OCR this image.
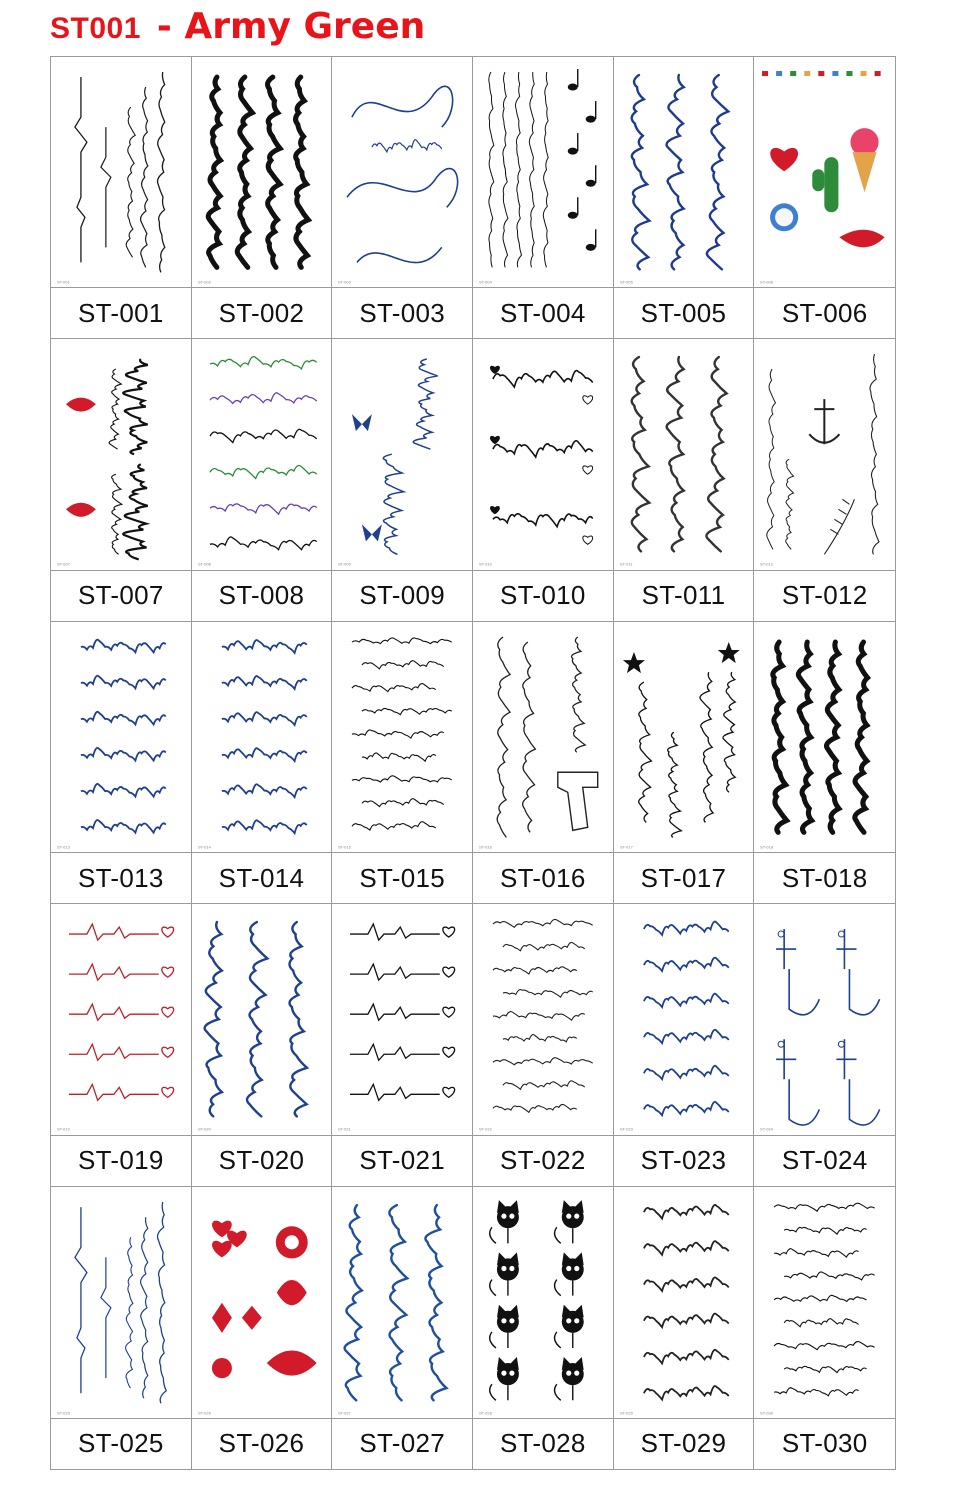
ST001 - Army Green
ST-001
ST-001
ST-002
ST-002
ST-003
ST-003
ST-004
ST-004
ST-005
ST-005
ST-006
ST-006
ST-007
ST-007
ST-008
ST-008
ST-009
ST-009
ST-010
ST-010
ST-011
ST-011
ST-012
ST-012
ST-013
ST-013
ST-014
ST-014
ST-015
ST-015
ST-016
ST-016
ST-017
ST-017
ST-018
ST-018
ST-019
ST-019
ST-020
ST-020
ST-021
ST-021
ST-022
ST-022
ST-023
ST-023
ST-024
ST-024
ST-025
ST-025
ST-026
ST-026
ST-027
ST-027
ST-028
ST-028
ST-029
ST-029
ST-030
ST-030
